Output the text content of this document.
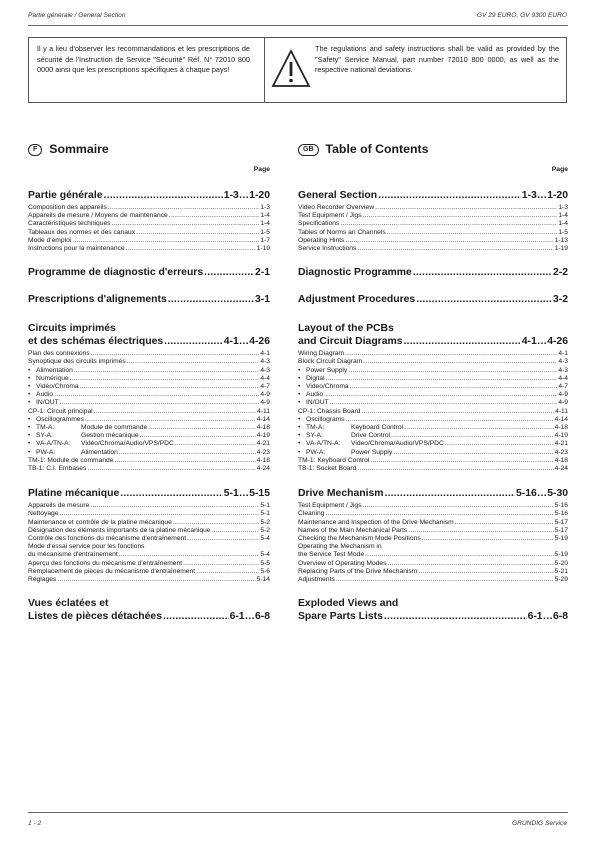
Partie générale / General Section	GV 29 EURO, GV 9300 EURO
Il y a lieu d'observer les recommandations et les prescriptions de sécurité de l'Instruction de Service "Sécurité" Réf. N° 72010 800 0000 ainsi que les prescriptions spécifiques à chaque pays!
The regulations and safety instructions shall be valid as provided by the "Safety" Service Manual, part number 72010 800 0000, as well as the respective national deviations.
F Sommaire
Page
Partie générale .....	1-3…1-20
Composition des appareils .....	1-3
Appareils de mesure / Moyens de maintenance .....	1-4
Caractéristiques techniques .....	1-4
Tableaux des normes et des canaux .....	1-5
Mode d'emploi .....	1-7
Instructions pour la maintenance .....	1-19
Programme de diagnostic d'erreurs .....	2-1
Prescriptions d'alignements .....	3-1
Circuits imprimés
et des schémas électriques .....	4-1…4-26
Plan des connexions .....	4-1
Synoptique des circuits imprimés .....	4-3
• Alimentation .....	4-3
• Numérique .....	4-4
• Vidéo/Chroma .....	4-7
• Audio .....	4-9
• IN/OUT .....	4-9
CP-1: Circuit principal .....	4-11
• Oscillogrammes .....	4-14
• TM-A:	Module de commande .....	4-18
• SY-A:	Gestion mécanique .....	4-19
• VA-A/TN-A:	Vidéo/Chroma/Audio/VPS/PDC .....	4-21
• PW-A:	Alimentation .....	4-23
TM-1: Module de commande .....	4-18
TB-1: C.I. Embases .....	4-24
Platine mécanique .....	5-1…5-15
Appareils de mesure .....	5-1
Nettoyage .....	5-1
Maintenance et contrôle de la platine mécanique .....	5-2
Désignation des éléments importants de la platine mécanique .....	5-2
Contrôle des fonctions du mécanisme d'entraînement .....	5-4
Mode d'essai service pour les fonctions
du mécanisme d'entraînement .....	5-4
Aperçu des fonctions du mécanisme d'entraînement .....	5-5
Remplacement de pièces du mécanisme d'entraînement .....	5-6
Réglages .....	5-14
Vues éclatées et
Listes de pièces détachées .....	6-1…6-8
GB Table of Contents
Page
General Section .....	1-3…1-20
Video Recorder Overview .....	1-3
Test Equipment / Jigs .....	1-4
Specifications .....	1-4
Tables of Norms an Channels .....	1-5
Operating Hints .....	1-13
Service Instructions .....	1-19
Diagnostic Programme .....	2-2
Adjustment Procedures .....	3-2
Layout of the PCBs
and Circuit Diagrams .....	4-1…4-26
Wiring Diagram .....	4-1
Block Circuit Diagram .....	4-3
• Power Supply .....	4-3
• Digital .....	4-4
• Video/Chroma .....	4-7
• Audio .....	4-9
• IN/OUT .....	4-9
CP-1: Chassis Board .....	4-11
• Oscillograms .....	4-14
• TM-A:	Keyboard Control .....	4-18
• SY-A:	Drive Control .....	4-19
• VA-A/TN-A:	Video/Chroma/Audio/VPS/PDC .....	4-21
• PW-A:	Power Supply .....	4-23
TM-1: Keyboard Control .....	4-18
TB-1: Socket Board .....	4-24
Drive Mechanism .....	5-16…5-30
Test Equipment / Jigs .....	5-16
Cleaning .....	5-16
Maintenance and Inspection of the Drive Mechanism .....	5-17
Names of the Main Mechanical Parts .....	5-17
Checking the Mechanism Mode Positions .....	5-19
Operating the Mechanism in
the Service Test Mode .....	5-19
Overview of Operating Modes .....	5-20
Replacing Parts of the Drive Mechanism .....	5-21
Adjustments .....	5-29
Exploded Views and
Spare Parts Lists .....	6-1…6-8
1 - 2	GRUNDIG Service
